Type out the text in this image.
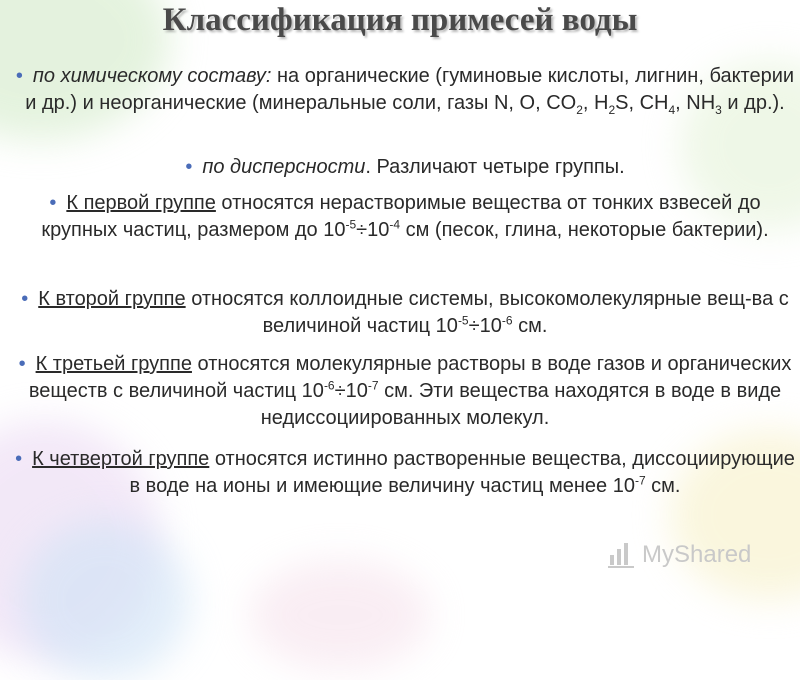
Классификация примесей воды
• по химическому составу: на органические (гуминовые кислоты, лигнин, бактерии и др.) и неорганические (минеральные соли, газы N, O, $CO_2$, $H_2S$, $CH_4$, $NH_3$ и др.).
• по дисперсности. Различают четыре группы.
• К первой группе относятся нерастворимые вещества от тонких взвесей до крупных частиц, размером до $10^{-5}\div 10^{-4}$ см (песок, глина, некоторые бактерии).
• К второй группе относятся коллоидные системы, высокомолекулярные вещ-ва с величиной частиц $10^{-5}\div 10^{-6}$ см.
• К третьей группе относятся молекулярные растворы в воде газов и органических веществ с величиной частиц $10^{-6}\div 10^{-7}$ см. Эти вещества находятся в воде в виде недиссоциированных молекул.
• К четвертой группе относятся истинно растворенные вещества, диссоциирующие в воде на ионы и имеющие величину частиц менее $10^{-7}$ см.
MyShared
